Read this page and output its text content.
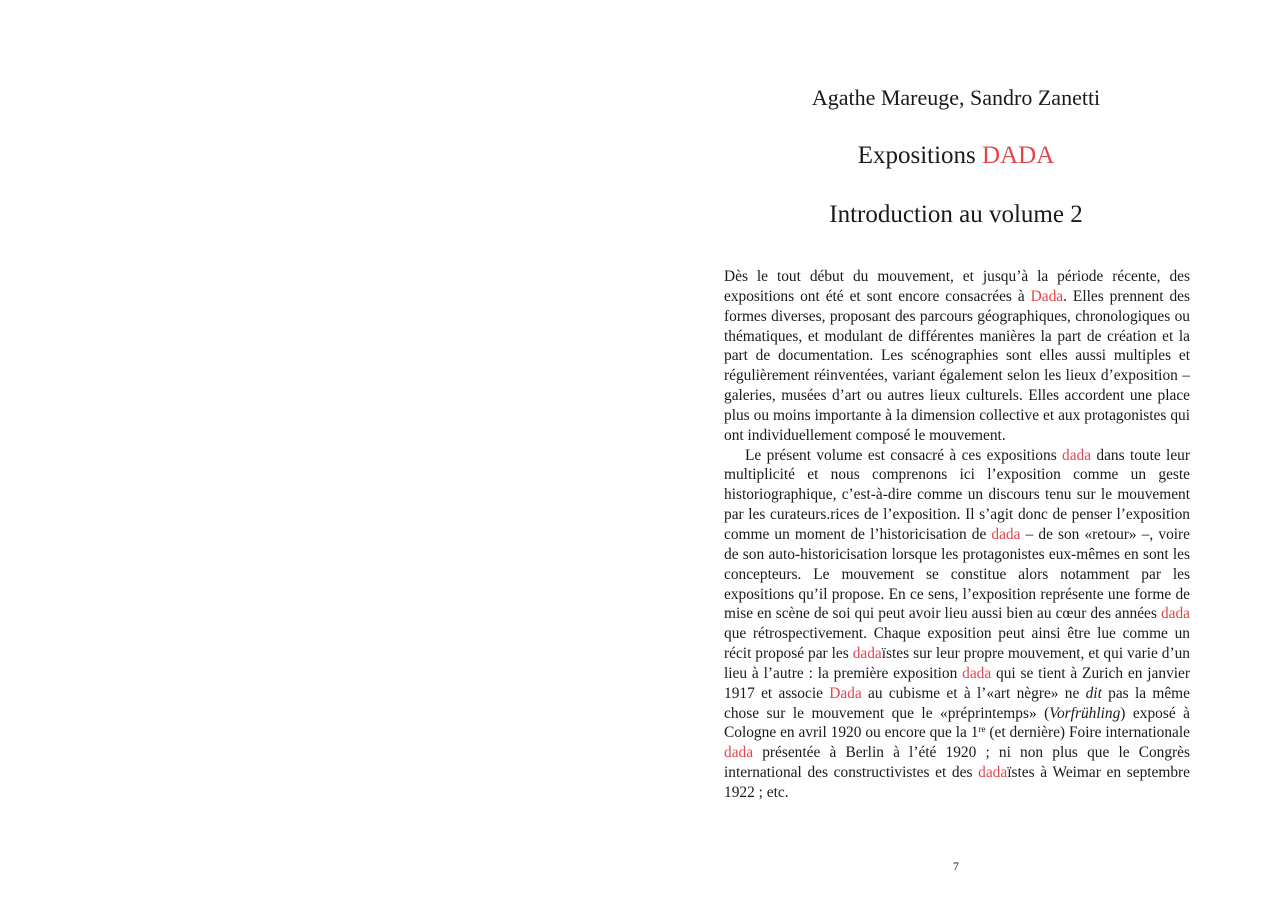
Agathe Mareuge, Sandro Zanetti
Expositions DADA
Introduction au volume 2

Dès le tout début du mouvement, et jusqu’à la période récente, des expositions ont été et sont encore consacrées à Dada. Elles prennent des formes diverses, proposant des parcours géographiques, chronologiques ou thématiques, et modulant de différentes manières la part de création et la part de documentation. Les scénographies sont elles aussi multiples et régulièrement réinventées, variant également selon les lieux d’exposition – galeries, musées d’art ou autres lieux culturels. Elles accordent une place plus ou moins importante à la dimension collective et aux protagonistes qui ont individuellement composé le mouvement.

Le présent volume est consacré à ces expositions dada dans toute leur multiplicité et nous comprenons ici l’exposition comme un geste historiographique, c’est-à-dire comme un discours tenu sur le mouvement par les curateurs.rices de l’exposition. Il s’agit donc de penser l’exposition comme un moment de l’historicisation de dada – de son «retour» –, voire de son auto-historicisation lorsque les protagonistes eux-mêmes en sont les concepteurs. Le mouvement se constitue alors notamment par les expositions qu’il propose. En ce sens, l’exposition représente une forme de mise en scène de soi qui peut avoir lieu aussi bien au cœur des années dada que rétrospectivement. Chaque exposition peut ainsi être lue comme un récit proposé par les dadaïstes sur leur propre mouvement, et qui varie d’un lieu à l’autre : la première exposition dada qui se tient à Zurich en janvier 1917 et associe Dada au cubisme et à l’«art nègre» ne dit pas la même chose sur le mouvement que le «préprintemps» (Vorfrühling) exposé à Cologne en avril 1920 ou encore que la 1re (et dernière) Foire internationale dada présentée à Berlin à l’été 1920 ; ni non plus que le Congrès international des constructivistes et des dadaïstes à Weimar en septembre 1922 ; etc.

7
